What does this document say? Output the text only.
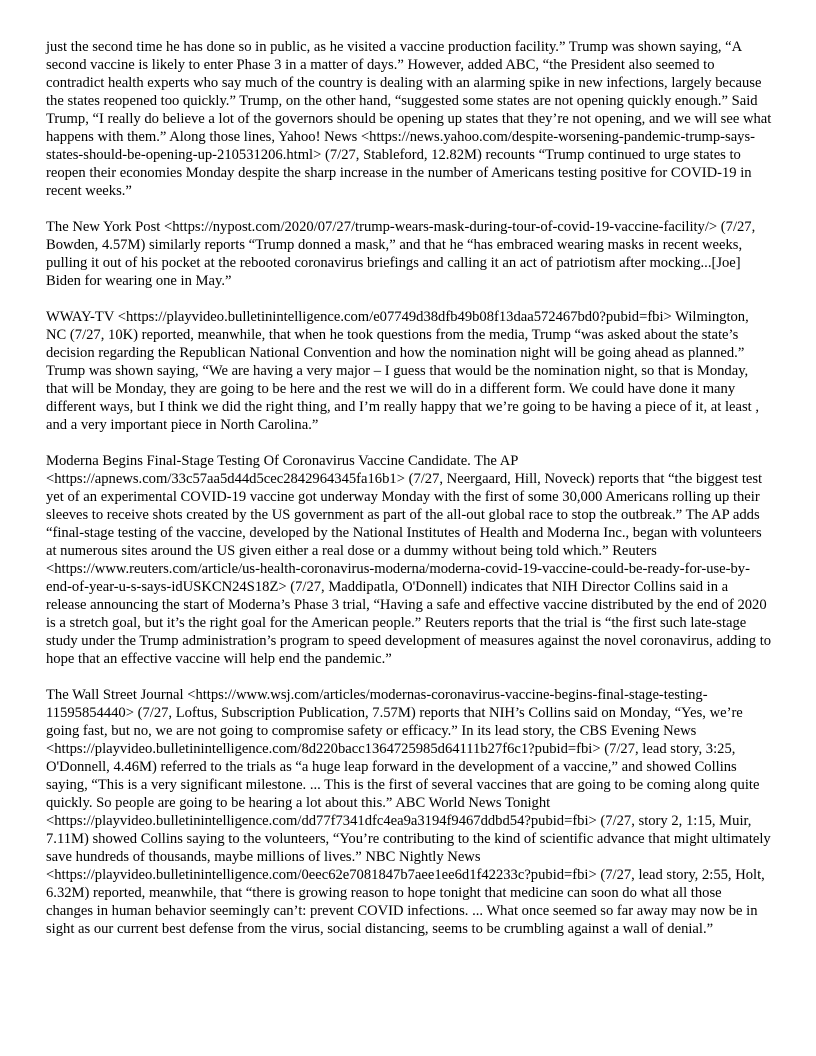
just the second time he has done so in public, as he visited a vaccine production facility.” Trump was shown saying, “A second vaccine is likely to enter Phase 3 in a matter of days.” However, added ABC, “the President also seemed to contradict health experts who say much of the country is dealing with an alarming spike in new infections, largely because the states reopened too quickly.” Trump, on the other hand, “suggested some states are not opening quickly enough.” Said Trump, “I really do believe a lot of the governors should be opening up states that they’re not opening, and we will see what happens with them.” Along those lines, Yahoo! News <https://news.yahoo.com/despite-worsening-pandemic-trump-says-states-should-be-opening-up-210531206.html> (7/27, Stableford, 12.82M) recounts “Trump continued to urge states to reopen their economies Monday despite the sharp increase in the number of Americans testing positive for COVID-19 in recent weeks.”

The New York Post <https://nypost.com/2020/07/27/trump-wears-mask-during-tour-of-covid-19-vaccine-facility/> (7/27, Bowden, 4.57M) similarly reports “Trump donned a mask,” and that he “has embraced wearing masks in recent weeks, pulling it out of his pocket at the rebooted coronavirus briefings and calling it an act of patriotism after mocking...[Joe] Biden for wearing one in May.”

WWAY-TV <https://playvideo.bulletinintelligence.com/e07749d38dfb49b08f13daa572467bd0?pubid=fbi> Wilmington, NC (7/27, 10K) reported, meanwhile, that when he took questions from the media, Trump “was asked about the state’s decision regarding the Republican National Convention and how the nomination night will be going ahead as planned.” Trump was shown saying, “We are having a very major – I guess that would be the nomination night, so that is Monday, that will be Monday, they are going to be here and the rest we will do in a different form. We could have done it many different ways, but I think we did the right thing, and I’m really happy that we’re going to be having a piece of it, at least , and a very important piece in North Carolina.”

Moderna Begins Final-Stage Testing Of Coronavirus Vaccine Candidate. The AP <https://apnews.com/33c57aa5d44d5cec2842964345fa16b1> (7/27, Neergaard, Hill, Noveck) reports that “the biggest test yet of an experimental COVID-19 vaccine got underway Monday with the first of some 30,000 Americans rolling up their sleeves to receive shots created by the US government as part of the all-out global race to stop the outbreak.” The AP adds “final-stage testing of the vaccine, developed by the National Institutes of Health and Moderna Inc., began with volunteers at numerous sites around the US given either a real dose or a dummy without being told which.” Reuters <https://www.reuters.com/article/us-health-coronavirus-moderna/moderna-covid-19-vaccine-could-be-ready-for-use-by-end-of-year-u-s-says-idUSKCN24S18Z> (7/27, Maddipatla, O'Donnell) indicates that NIH Director Collins said in a release announcing the start of Moderna’s Phase 3 trial, “Having a safe and effective vaccine distributed by the end of 2020 is a stretch goal, but it’s the right goal for the American people.” Reuters reports that the trial is “the first such late-stage study under the Trump administration’s program to speed development of measures against the novel coronavirus, adding to hope that an effective vaccine will help end the pandemic.”

The Wall Street Journal <https://www.wsj.com/articles/modernas-coronavirus-vaccine-begins-final-stage-testing-11595854440> (7/27, Loftus, Subscription Publication, 7.57M) reports that NIH’s Collins said on Monday, “Yes, we’re going fast, but no, we are not going to compromise safety or efficacy.” In its lead story, the CBS Evening News <https://playvideo.bulletinintelligence.com/8d220bacc1364725985d64111b27f6c1?pubid=fbi> (7/27, lead story, 3:25, O'Donnell, 4.46M) referred to the trials as “a huge leap forward in the development of a vaccine,” and showed Collins saying, “This is a very significant milestone. ... This is the first of several vaccines that are going to be coming along quite quickly. So people are going to be hearing a lot about this.” ABC World News Tonight <https://playvideo.bulletinintelligence.com/dd77f7341dfc4ea9a3194f9467ddbd54?pubid=fbi> (7/27, story 2, 1:15, Muir, 7.11M) showed Collins saying to the volunteers, “You’re contributing to the kind of scientific advance that might ultimately save hundreds of thousands, maybe millions of lives.” NBC Nightly News <https://playvideo.bulletinintelligence.com/0eec62e7081847b7aee1ee6d1f42233c?pubid=fbi> (7/27, lead story, 2:55, Holt, 6.32M) reported, meanwhile, that “there is growing reason to hope tonight that medicine can soon do what all those changes in human behavior seemingly can’t: prevent COVID infections. ... What once seemed so far away may now be in sight as our current best defense from the virus, social distancing, seems to be crumbling against a wall of denial.”
